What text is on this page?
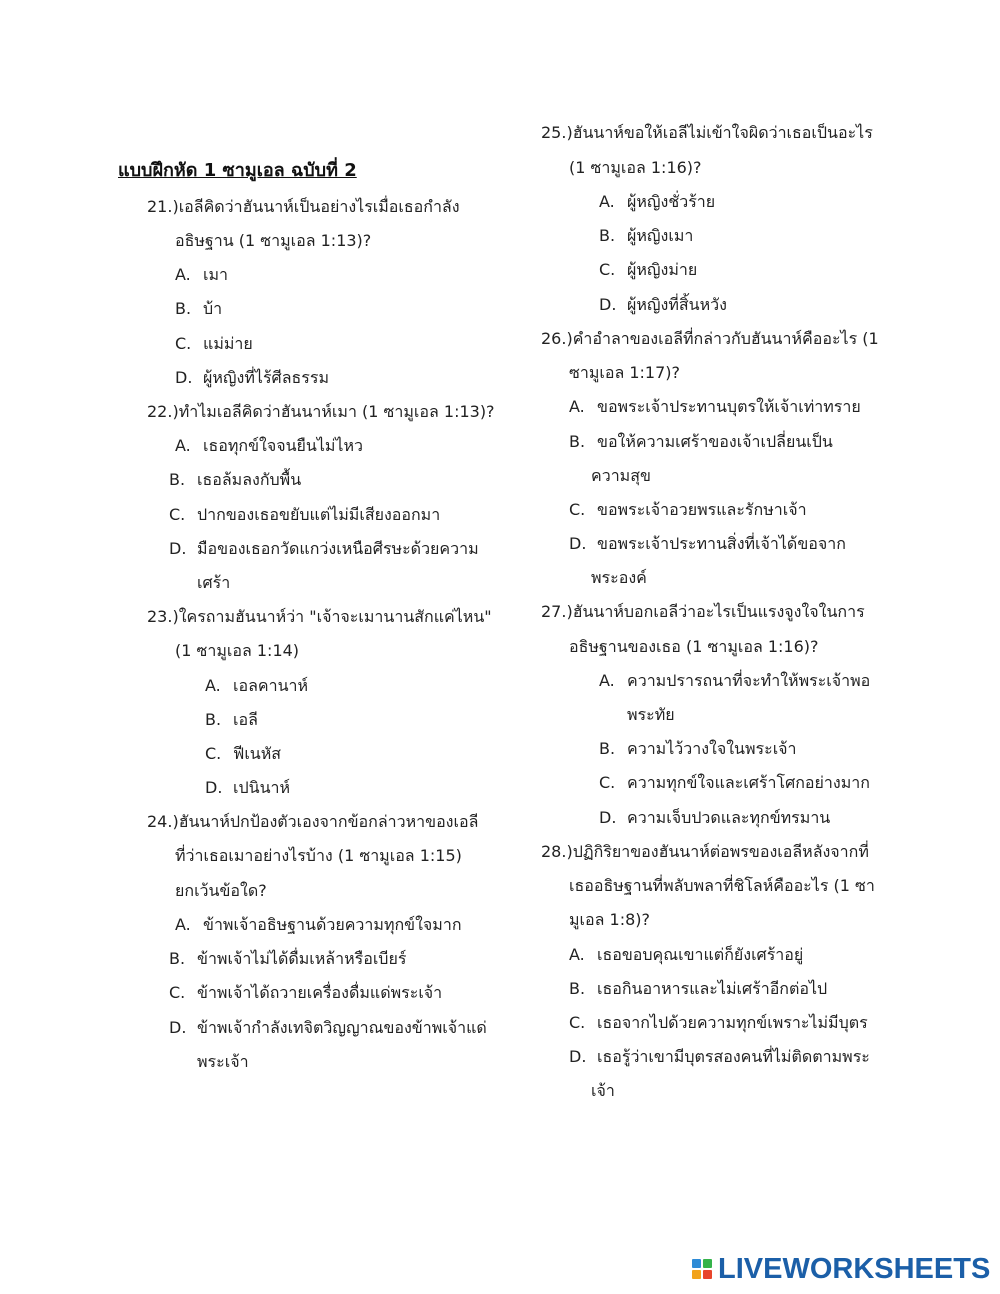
แบบฝึกหัด 1 ซามูเอล ฉบับที่ 2
21.)เอลีคิดว่าฮันนาห์เป็นอย่างไรเมื่อเธอกำลัง
อธิษฐาน (1 ซามูเอล 1:13)?
A. เมา
B. บ้า
C. แม่ม่าย
D. ผู้หญิงที่ไร้ศีลธรรม
22.)ทำไมเอลีคิดว่าฮันนาห์เมา (1 ซามูเอล 1:13)?
A. เธอทุกข์ใจจนยืนไม่ไหว
B. เธอล้มลงกับพื้น
C. ปากของเธอขยับแต่ไม่มีเสียงออกมา
D. มือของเธอกวัดแกว่งเหนือศีรษะด้วยความ
เศร้า
23.)ใครถามฮันนาห์ว่า "เจ้าจะเมานานสักแค่ไหน"
(1 ซามูเอล 1:14)
A. เอลคานาห์
B. เอลี
C. ฟีเนหัส
D. เปนินาห์
24.)ฮันนาห์ปกป้องตัวเองจากข้อกล่าวหาของเอลี
ที่ว่าเธอเมาอย่างไรบ้าง (1 ซามูเอล 1:15)
ยกเว้นข้อใด?
A. ข้าพเจ้าอธิษฐานด้วยความทุกข์ใจมาก
B. ข้าพเจ้าไม่ได้ดื่มเหล้าหรือเบียร์
C. ข้าพเจ้าได้ถวายเครื่องดื่มแด่พระเจ้า
D. ข้าพเจ้ากำลังเทจิตวิญญาณของข้าพเจ้าแด่
พระเจ้า
25.)ฮันนาห์ขอให้เอลีไม่เข้าใจผิดว่าเธอเป็นอะไร
(1 ซามูเอล 1:16)?
A. ผู้หญิงชั่วร้าย
B. ผู้หญิงเมา
C. ผู้หญิงม่าย
D. ผู้หญิงที่สิ้นหวัง
26.)คำอำลาของเอลีที่กล่าวกับฮันนาห์คืออะไร (1
ซามูเอล 1:17)?
A. ขอพระเจ้าประทานบุตรให้เจ้าเท่าทราย
B. ขอให้ความเศร้าของเจ้าเปลี่ยนเป็น
ความสุข
C. ขอพระเจ้าอวยพรและรักษาเจ้า
D. ขอพระเจ้าประทานสิ่งที่เจ้าได้ขอจาก
พระองค์
27.)ฮันนาห์บอกเอลีว่าอะไรเป็นแรงจูงใจในการ
อธิษฐานของเธอ (1 ซามูเอล 1:16)?
A. ความปรารถนาที่จะทำให้พระเจ้าพอ
พระทัย
B. ความไว้วางใจในพระเจ้า
C. ความทุกข์ใจและเศร้าโศกอย่างมาก
D. ความเจ็บปวดและทุกข์ทรมาน
28.)ปฏิกิริยาของฮันนาห์ต่อพรของเอลีหลังจากที่
เธออธิษฐานที่พลับพลาที่ชิโลห์คืออะไร (1 ซา
มูเอล 1:8)?
A. เธอขอบคุณเขาแต่ก็ยังเศร้าอยู่
B. เธอกินอาหารและไม่เศร้าอีกต่อไป
C. เธอจากไปด้วยความทุกข์เพราะไม่มีบุตร
D. เธอรู้ว่าเขามีบุตรสองคนที่ไม่ติดตามพระ
เจ้า
LIVEWORKSHEETS
